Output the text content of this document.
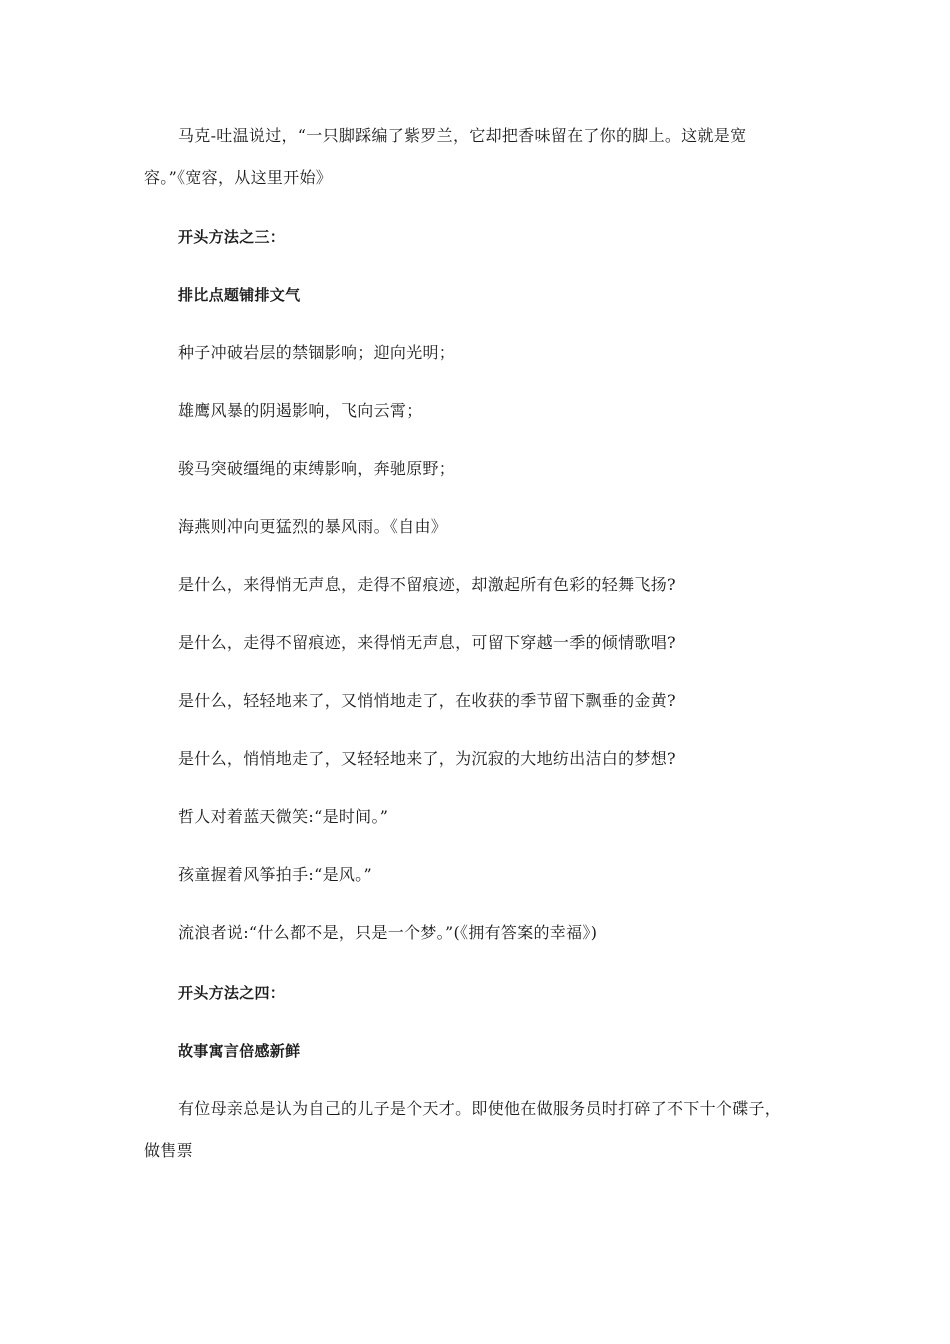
马克-吐温说过，“一只脚踩编了紫罗兰，它却把香味留在了你的脚上。这就是宽
容。”《宽容，从这里开始》
开头方法之三：
排比点题铺排文气
种子冲破岩层的禁锢影响；迎向光明；
雄鹰风暴的阴遏影响，飞向云霄；
骏马突破缰绳的束缚影响，奔驰原野；
海燕则冲向更猛烈的暴风雨。《自由》
是什么，来得悄无声息，走得不留痕迹，却激起所有色彩的轻舞飞扬?
是什么，走得不留痕迹，来得悄无声息，可留下穿越一季的倾情歌唱?
是什么，轻轻地来了，又悄悄地走了，在收获的季节留下飘垂的金黄?
是什么，悄悄地走了，又轻轻地来了，为沉寂的大地纺出洁白的梦想?
哲人对着蓝天微笑:“是时间。”
孩童握着风筝拍手:“是风。”
流浪者说:“什么都不是，只是一个梦。”(《拥有答案的幸福》)
开头方法之四：
故事寓言倍感新鲜
有位母亲总是认为自己的儿子是个天才。即使他在做服务员时打碎了不下十个碟子，
做售票
